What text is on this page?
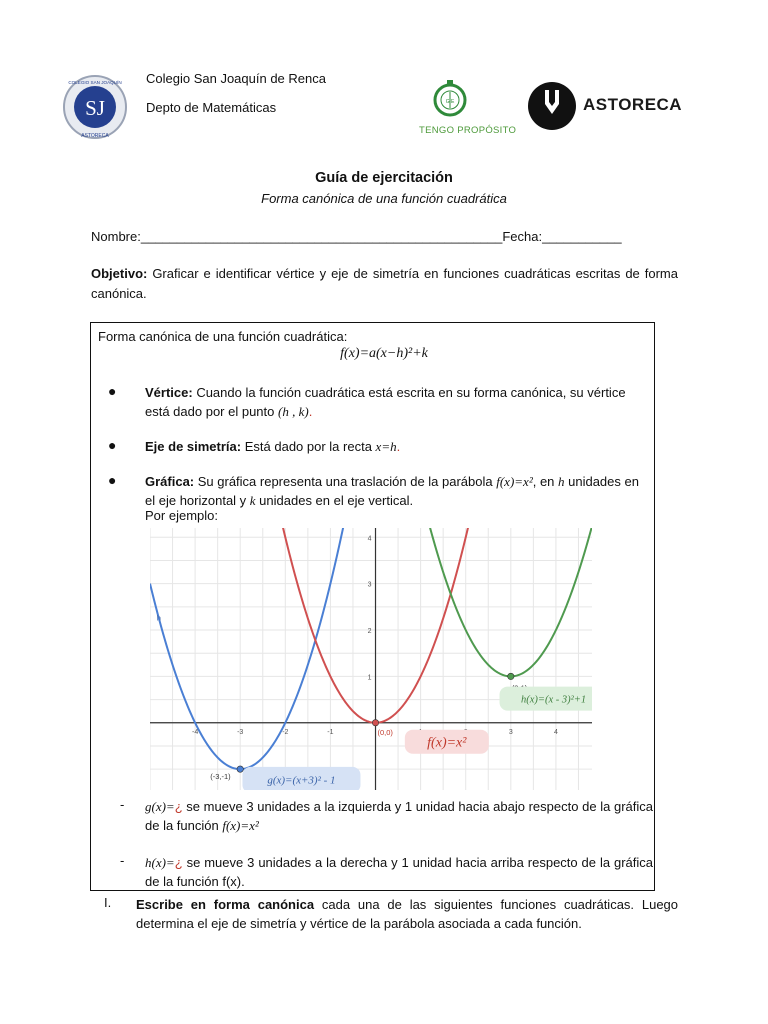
SJ
COLEGIO SAN JOAQUÍN
ASTORECA
Colegio San Joaquín de Renca
Depto de Matemáticas	G E
TENGO PROPÓSITO
ASTORECA
Guía de ejercitación
Forma canónica de una función cuadrática
Nombre:__________________________________________________Fecha:___________
Objetivo: Graficar e identificar vértice y eje de simetría en funciones cuadráticas escritas de forma canónica.
Forma canónica de una función cuadrática:
f(x)=a(x−h)²+k
● Vértice: Cuando la función cuadrática está escrita en su forma canónica, su vértice está dado por el punto (h , k).
● Eje de simetría: Está dado por la recta x=h.
● Gráfica: Su gráfica representa una traslación de la parábola f(x)=x², en h unidades en el eje horizontal y k unidades en el eje vertical.
Por ejemplo:
-4	-3	-2	-1	3	4
1
2
3
4
(-3,-1)
(0,0)
f(x)=x²
g(x)=(x+3)² - 1
h(x)=(x - 3)²+1
h
- g(x)=¿ se mueve 3 unidades a la izquierda y 1 unidad hacia abajo respecto de la gráfica de la función f(x)=x²
- h(x)=¿ se mueve 3 unidades a la derecha y 1 unidad hacia arriba respecto de la gráfica de la función f(x).
I. Escribe en forma canónica cada una de las siguientes funciones cuadráticas. Luego determina el eje de simetría y vértice de la parábola asociada a cada función.
